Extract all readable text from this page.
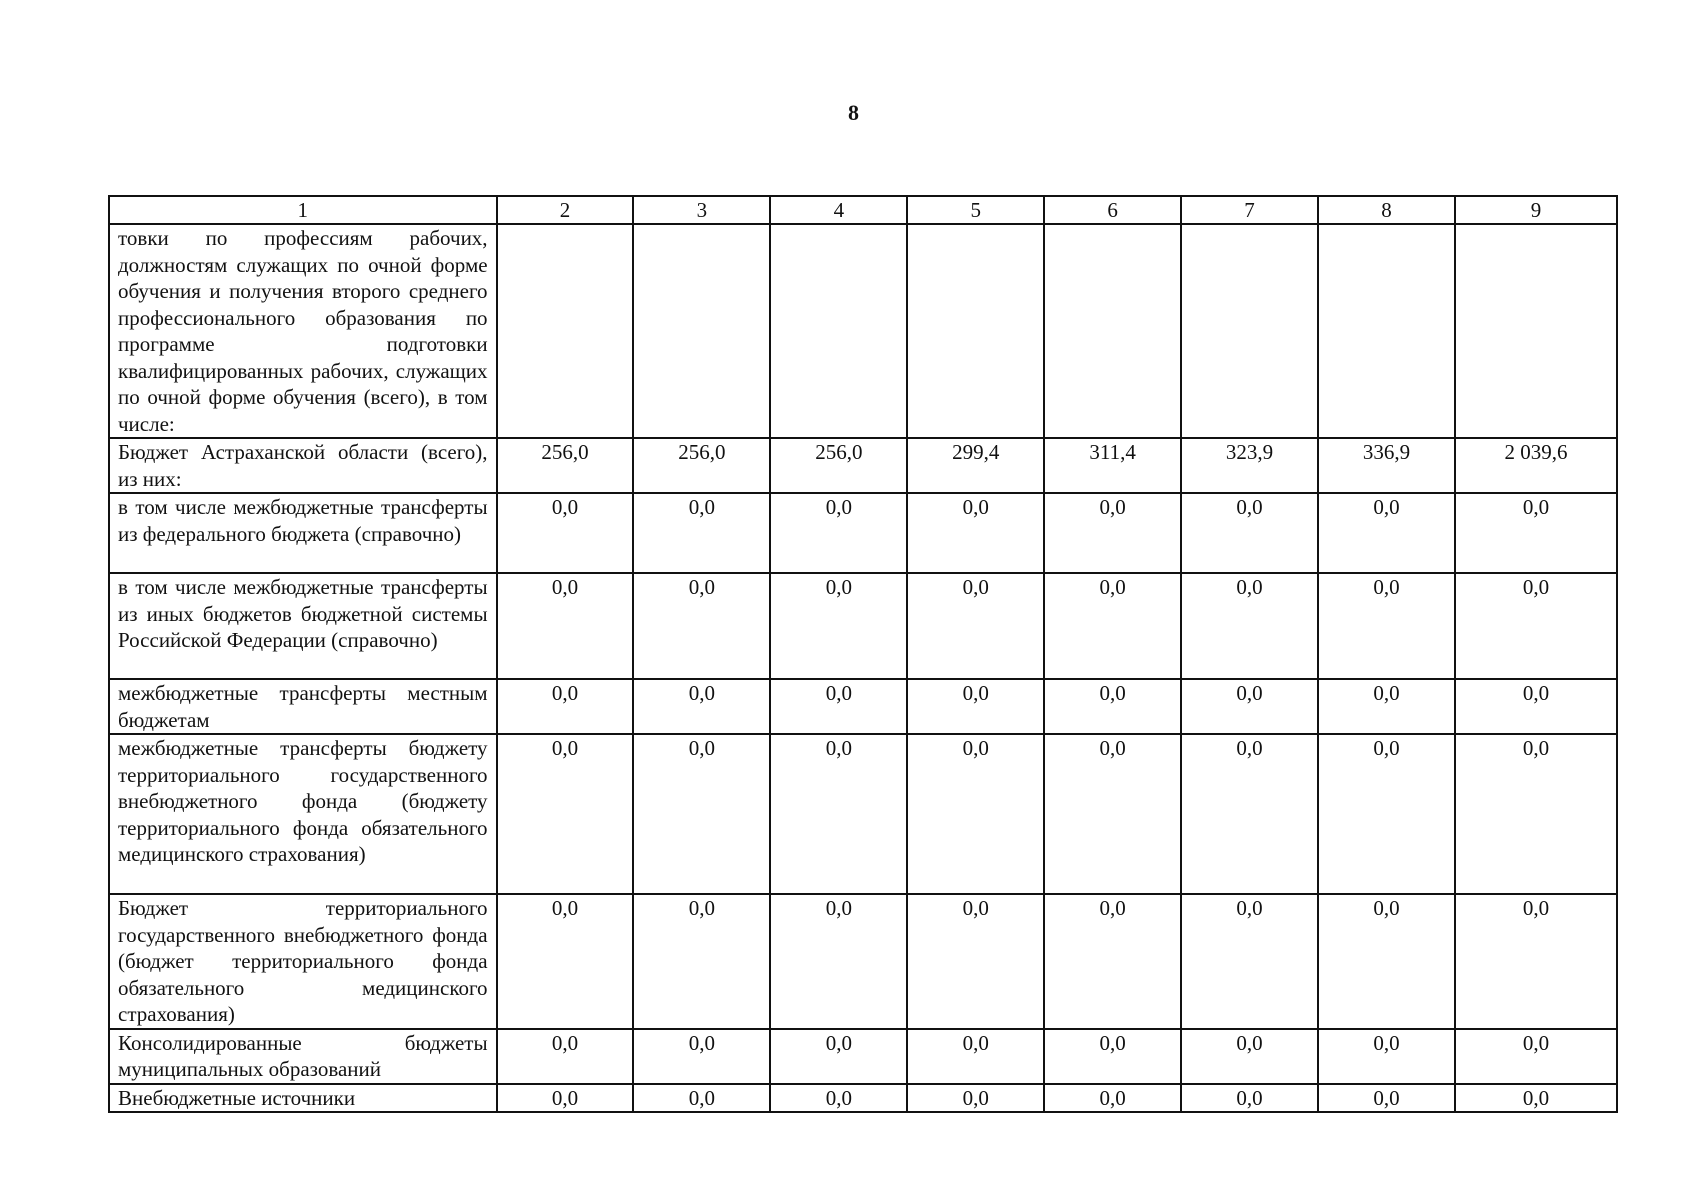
8
1	2	3	4	5	6	7	8	9
товки по профессиям рабочих, должностям служащих по очной форме обучения и получения второго среднего профессионального образования по программе подготовки квалифицированных рабочих, служащих по очной форме обучения (всего), в том числе:								
Бюджет Астраханской области (всего), из них:	256,0	256,0	256,0	299,4	311,4	323,9	336,9	2 039,6
в том числе межбюджетные трансферты из федерального бюджета (справочно)	0,0	0,0	0,0	0,0	0,0	0,0	0,0	0,0
в том числе межбюджетные трансферты из иных бюджетов бюджетной системы Российской Федерации (справочно)	0,0	0,0	0,0	0,0	0,0	0,0	0,0	0,0
межбюджетные трансферты местным бюджетам	0,0	0,0	0,0	0,0	0,0	0,0	0,0	0,0
межбюджетные трансферты бюджету территориального государственного внебюджетного фонда (бюджету территориального фонда обязательного медицинского страхования)	0,0	0,0	0,0	0,0	0,0	0,0	0,0	0,0
Бюджет территориального государственного внебюджетного фонда (бюджет территориального фонда обязательного медицинского страхования)	0,0	0,0	0,0	0,0	0,0	0,0	0,0	0,0
Консолидированные бюджеты муниципальных образований	0,0	0,0	0,0	0,0	0,0	0,0	0,0	0,0
Внебюджетные источники	0,0	0,0	0,0	0,0	0,0	0,0	0,0	0,0
